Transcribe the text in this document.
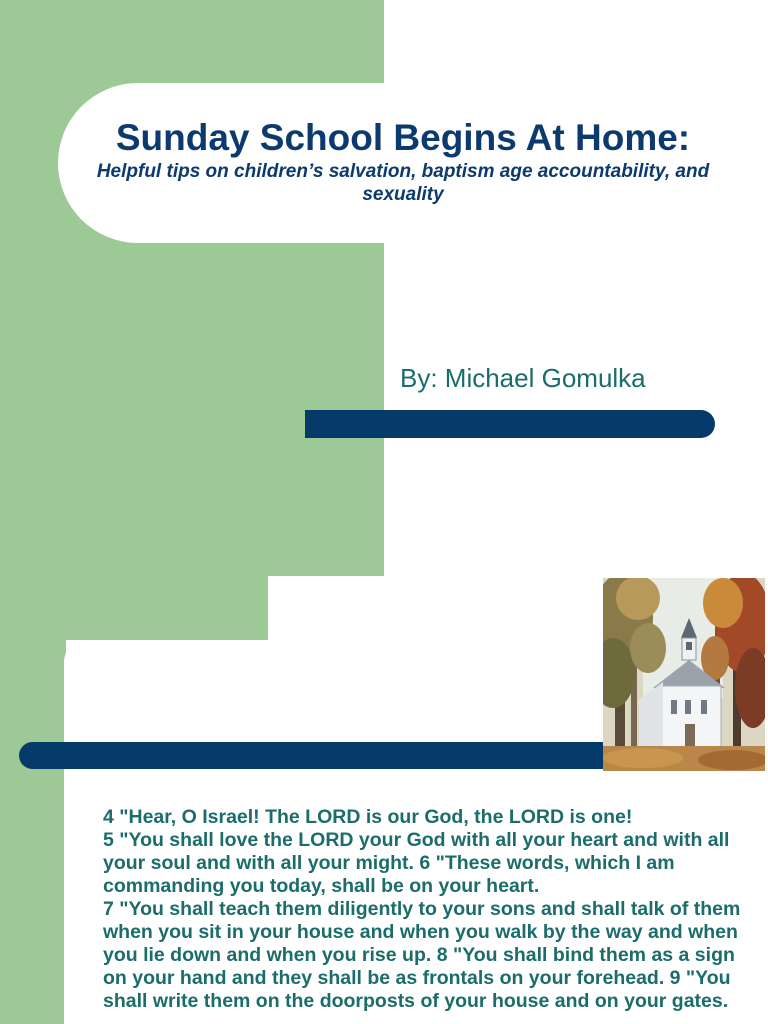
Sunday School Begins At Home:
Helpful tips on children’s salvation, baptism age accountability, and sexuality
By: Michael Gomulka
4 "Hear, O Israel! The LORD is our God, the LORD is one!
5 "You shall love the LORD your God with all your heart and with all your soul and with all your might. 6 "These words, which I am commanding you today, shall be on your heart.
7 "You shall teach them diligently to your sons and shall talk of them when you sit in your house and when you walk by the way and when you lie down and when you rise up. 8 "You shall bind them as a sign on your hand and they shall be as frontals on your forehead. 9 "You shall write them on the doorposts of your house and on your gates.
